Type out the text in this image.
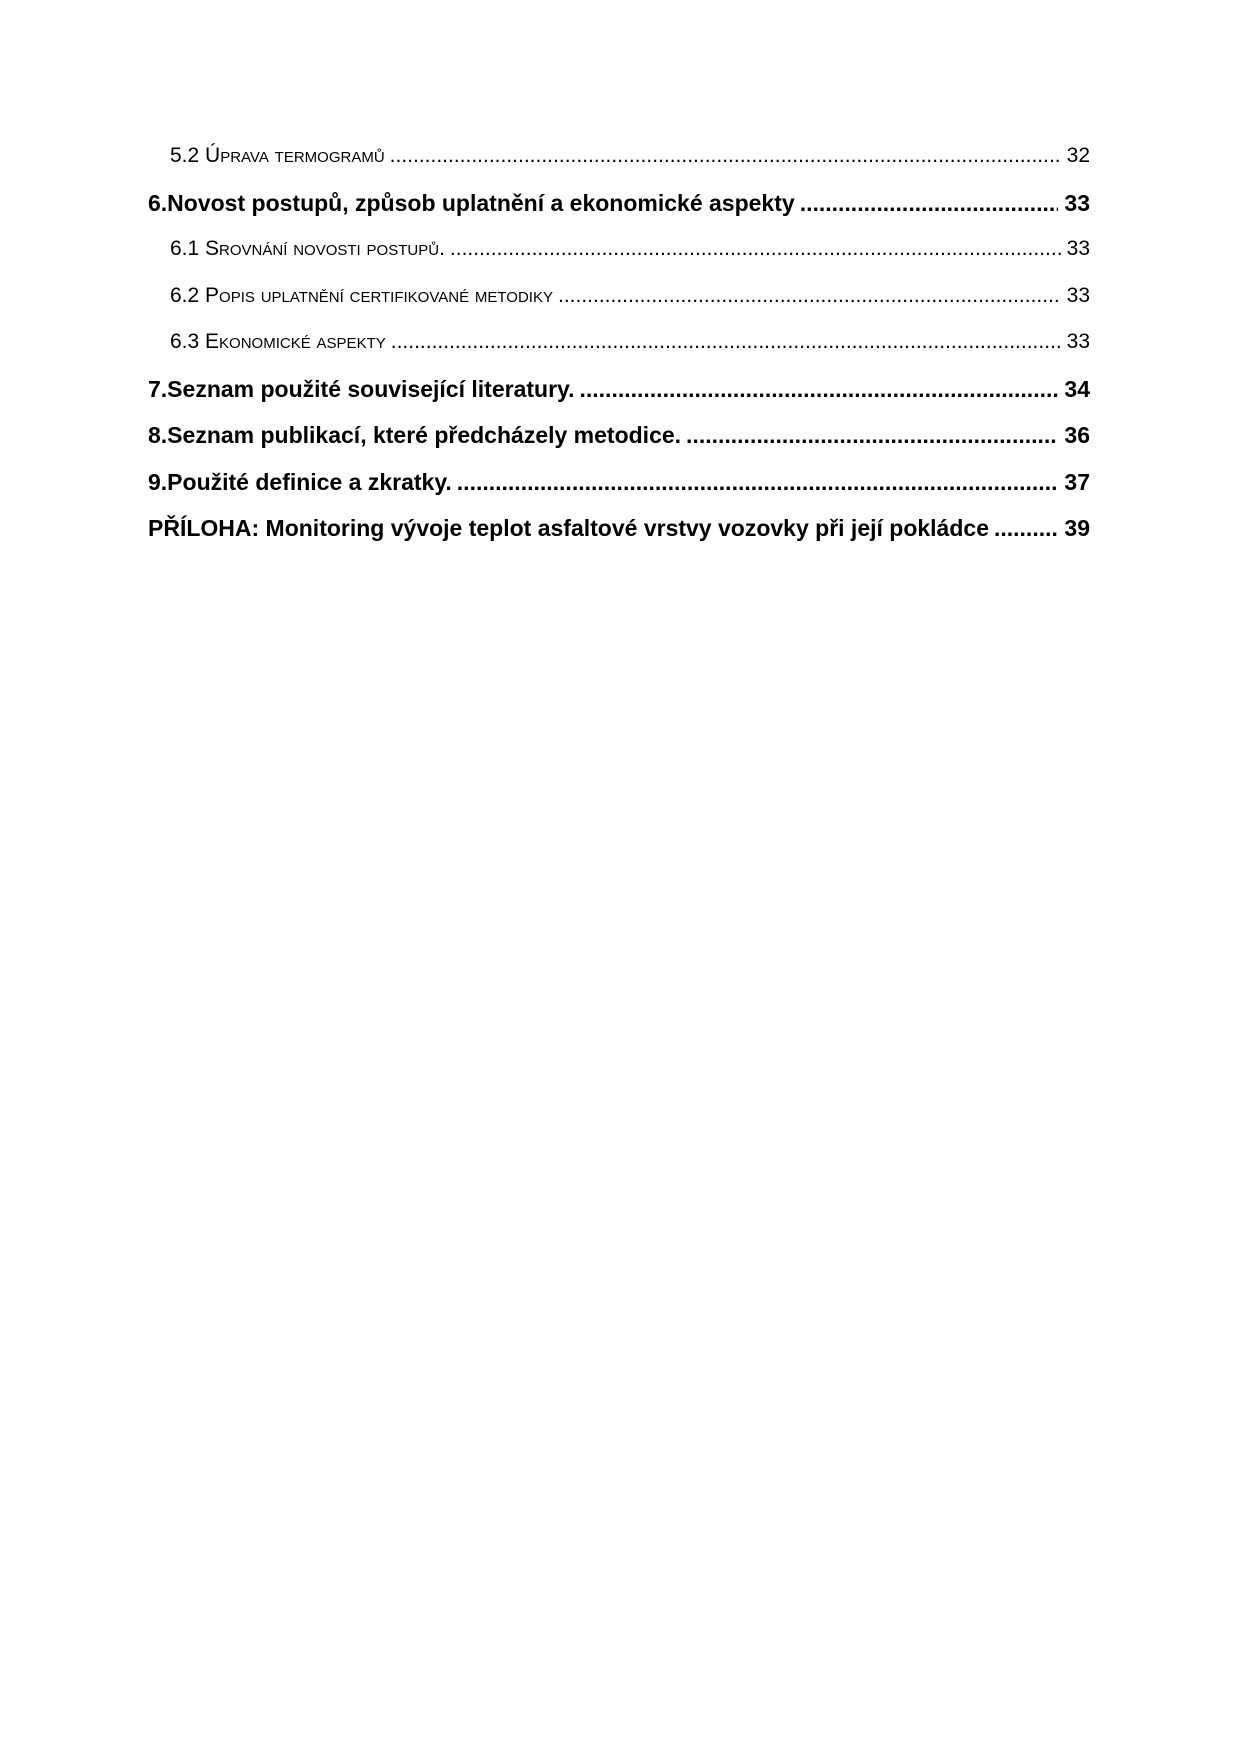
5.2 Úprava termogramů .....	32
6.Novost postupů, způsob uplatnění a ekonomické aspekty .....	33
6.1 Srovnání novosti postupů. .....	33
6.2 Popis uplatnění certifikované metodiky .....	33
6.3 Ekonomické aspekty .....	33
7.Seznam použité související literatury. .....	34
8.Seznam publikací, které předcházely metodice. .....	36
9.Použité definice a zkratky. .....	37
PŘÍLOHA: Monitoring vývoje teplot asfaltové vrstvy vozovky při její pokládce .....	39
